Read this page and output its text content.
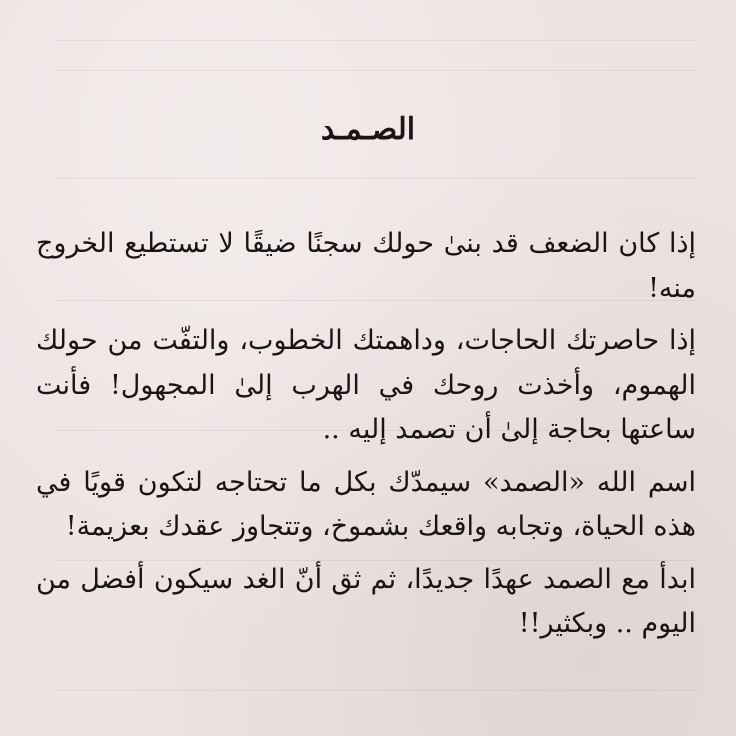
الصـمـد

إذا كان الضعف قد بنىٰ حولك سجنًا ضيقًا لا تستطيع الخروج منه!

إذا حاصرتك الحاجات، وداهمتك الخطوب، والتفّت من حولك الهموم، وأخذت روحك في الهرب إلىٰ المجهول! فأنت ساعتها بحاجة إلىٰ أن تصمد إليه ..

اسم الله «الصمد» سيمدّك بكل ما تحتاجه لتكون قويًا في هذه الحياة، وتجابه واقعك بشموخ، وتتجاوز عقدك بعزيمة!

ابدأ مع الصمد عهدًا جديدًا، ثم ثق أنّ الغد سيكون أفضل من اليوم .. وبكثير!!
